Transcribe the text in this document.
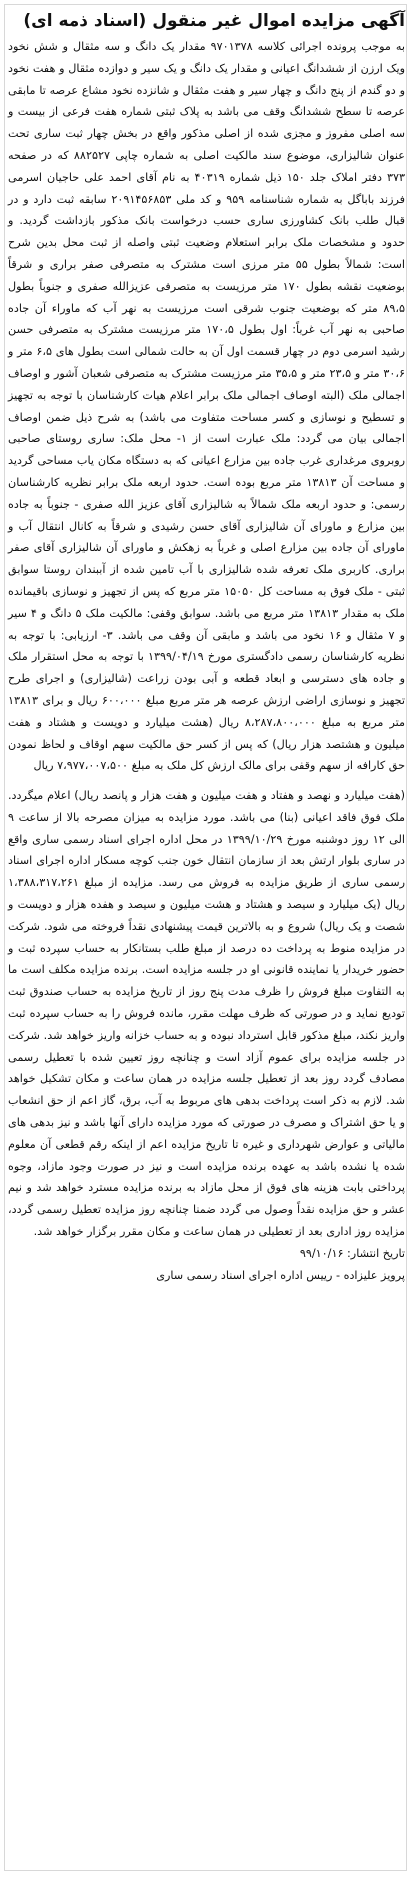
آگهی مزایده اموال غیر منقول (اسناد ذمه ای)

به موجب پرونده اجرائی کلاسه ۹۷۰۱۳۷۸ مقدار یک دانگ و سه مثقال و شش نخود ویک ارزن از ششدانگ اعیانی و مقدار یک دانگ و یک سیر و دوازده مثقال و هفت نخود و دو گندم از پنج دانگ و چهار سیر و هفت مثقال و شانزده نخود مشاع عرصه تا مابقی عرصه تا سطح ششدانگ وقف می باشد به پلاک ثبتی شماره هفت فرعی از بیست و سه اصلی مفروز و مجزی شده از اصلی مذکور واقع در بخش چهار ثبت ساری تحت عنوان شالیزاری، موضوع سند مالکیت اصلی به شماره چاپی ۸۸۲۵۲۷ که در صفحه ۳۷۳ دفتر املاک جلد ۱۵۰ ذیل شماره ۴۰۳۱۹ به نام آقای احمد علی حاجیان اسرمی فرزند باباگل به شماره شناسنامه ۹۵۹ و کد ملی ۲۰۹۱۴۵۶۸۵۳ سابقه ثبت دارد و در قبال طلب بانک کشاورزی ساری حسب درخواست بانک مذکور بازداشت گردید. و حدود و مشخصات ملک برابر استعلام وضعیت ثبتی واصله از ثبت محل بدین شرح است: شمالاً بطول ۵۵ متر مرزی است مشترک به متصرفی صفر براری و شرقاً بوضعیت نقشه بطول ۱۷۰ متر مرزیست به متصرفی عزیزالله صفری و جنوباً بطول ۸۹،۵ متر که بوضعیت جنوب شرقی است مرزیست به نهر آب که ماوراء آن جاده صاحبی به نهر آب غرباً: اول بطول ۱۷۰،۵ متر مرزیست مشترک به متصرفی حسن رشید اسرمی دوم در چهار قسمت اول آن به حالت شمالی است بطول های ۶،۵ متر و ۳۰،۶ متر و ۲۳،۵ متر و ۳۵،۵ متر مرزیست مشترک به متصرفی شعبان آشور و اوصاف اجمالی ملک (البته اوصاف اجمالی ملک برابر اعلام هیات کارشناسان با توجه به تجهیز و تسطیح و نوسازی و کسر مساحت متفاوت می باشد) به شرح ذیل ضمن اوصاف اجمالی بیان می گردد: ملک عبارت است از ۱- محل ملک: ساری روستای صاحبی روبروی مرغداری غرب جاده بین مزارع اعیانی که به دستگاه مکان یاب مساحی گردید و مساحت آن ۱۳۸۱۳ متر مربع بوده است. حدود اربعه ملک برابر نظریه کارشناسان رسمی: و حدود اربعه ملک شمالاً به شالیزاری آقای عزیز الله صفری - جنوباً به جاده بین مزارع و ماورای آن شالیزاری آقای حسن رشیدی و شرقاً به کانال انتقال آب و ماورای آن جاده بین مزارع اصلی و غرباً به زهکش و ماورای آن شالیزاری آقای صفر براری. کاربری ملک تعرفه شده شالیزاری با آب تامین شده از آببندان روستا سوابق ثبتی - ملک فوق به مساحت کل ۱۵۰۵۰ متر مربع که پس از تجهیز و نوسازی باقیمانده ملک به مقدار ۱۳۸۱۳ متر مربع می باشد. سوابق وقفی: مالکیت ملک ۵ دانگ و ۴ سیر و ۷ مثقال و ۱۶ نخود می باشد و مابقی آن وقف می باشد. ۳- ارزیابی: با توجه به نظریه کارشناسان رسمی دادگستری مورخ ۱۳۹۹/۰۴/۱۹ با توجه به محل استقرار ملک و جاده های دسترسی و ابعاد قطعه و آبی بودن زراعت (شالیزاری) و اجرای طرح تجهیز و نوسازی اراضی ارزش عرصه هر متر مربع مبلغ ۶۰۰،۰۰۰ ریال و برای ۱۳۸۱۳ متر مربع به مبلغ ۸،۲۸۷،۸۰۰،۰۰۰ ریال (هشت میلیارد و دویست و هشتاد و هفت میلیون و هشتصد هزار ریال) که پس از کسر حق مالکیت سهم اوقاف و لحاظ نمودن حق کارافه از سهم وقفی برای مالک ارزش کل ملک به مبلغ ۷،۹۷۷،۰۰۷،۵۰۰ ریال

(هفت میلیارد و نهصد و هفتاد و هفت میلیون و هفت هزار و پانصد ریال) اعلام میگردد. ملک فوق فاقد اعیانی (بنا) می باشد. مورد مزایده به میزان مصرحه بالا از ساعت ۹ الی ۱۲ روز دوشنبه مورخ ۱۳۹۹/۱۰/۲۹ در محل اداره اجرای اسناد رسمی ساری واقع در ساری بلوار ارتش بعد از سازمان انتقال خون جنب کوچه مسکار اداره اجرای اسناد رسمی ساری از طریق مزایده به فروش می رسد. مزایده از مبلغ ۱،۳۸۸،۳۱۷،۲۶۱ ریال (یک میلیارد و سیصد و هشتاد و هشت میلیون و سیصد و هفده هزار و دویست و شصت و یک ریال) شروع و به بالاترین قیمت پیشنهادی نقداً فروخته می شود. شرکت در مزایده منوط به پرداخت ده درصد از مبلغ طلب بستانکار به حساب سپرده ثبت و حضور خریدار یا نماینده قانونی او در جلسه مزایده است. برنده مزایده مکلف است ما به التفاوت مبلغ فروش را ظرف مدت پنج روز از تاریخ مزایده به حساب صندوق ثبت تودیع نماید و در صورتی که ظرف مهلت مقرر، مانده فروش را به حساب سپرده ثبت واریز نکند، مبلغ مذکور قابل استرداد نبوده و به حساب خزانه واریز خواهد شد. شرکت در جلسه مزایده برای عموم آزاد است و چنانچه روز تعیین شده با تعطیل رسمی مصادف گردد روز بعد از تعطیل جلسه مزایده در همان ساعت و مکان تشکیل خواهد شد. لازم به ذکر است پرداخت بدهی های مربوط به آب، برق، گاز اعم از حق انشعاب و یا حق اشتراک و مصرف در صورتی که مورد مزایده دارای آنها باشد و نیز بدهی های مالیاتی و عوارض شهرداری و غیره تا تاریخ مزایده اعم از اینکه رقم قطعی آن معلوم شده یا نشده باشد به عهده برنده مزایده است و نیز در صورت وجود مازاد، وجوه پرداختی بابت هزینه های فوق از محل مازاد به برنده مزایده مسترد خواهد شد و نیم عشر و حق مزایده نقداً وصول می گردد ضمنا چنانچه روز مزایده تعطیل رسمی گردد، مزایده روز اداری بعد از تعطیلی در همان ساعت و مکان مقرر برگزار خواهد شد.

تاریخ انتشار: ۹۹/۱۰/۱۶

پرویز علیزاده - رییس اداره اجرای اسناد رسمی ساری
